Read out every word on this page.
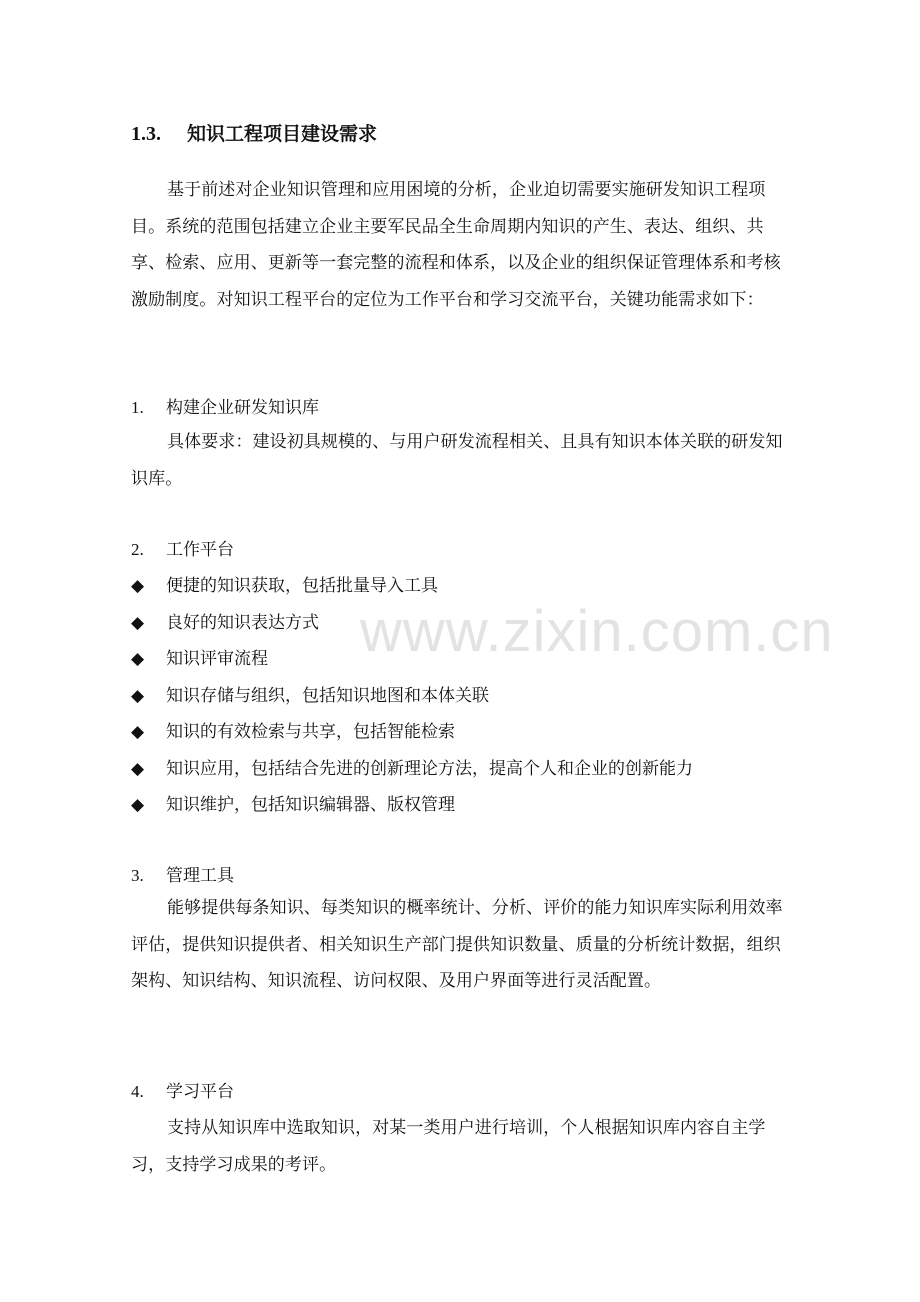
1.3. 知识工程项目建设需求

基于前述对企业知识管理和应用困境的分析，企业迫切需要实施研发知识工程项目。系统的范围包括建立企业主要军民品全生命周期内知识的产生、表达、组织、共享、检索、应用、更新等一套完整的流程和体系，以及企业的组织保证管理体系和考核激励制度。对知识工程平台的定位为工作平台和学习交流平台，关键功能需求如下：

1. 构建企业研发知识库

具体要求：建设初具规模的、与用户研发流程相关、且具有知识本体关联的研发知识库。

2. 工作平台
◆ 便捷的知识获取，包括批量导入工具
◆ 良好的知识表达方式
◆ 知识评审流程
◆ 知识存储与组织，包括知识地图和本体关联
◆ 知识的有效检索与共享，包括智能检索
◆ 知识应用，包括结合先进的创新理论方法，提高个人和企业的创新能力
◆ 知识维护，包括知识编辑器、版权管理
3. 管理工具

能够提供每条知识、每类知识的概率统计、分析、评价的能力知识库实际利用效率评估，提供知识提供者、相关知识生产部门提供知识数量、质量的分析统计数据，组织架构、知识结构、知识流程、访问权限、及用户界面等进行灵活配置。

4. 学习平台

支持从知识库中选取知识，对某一类用户进行培训，个人根据知识库内容自主学习，支持学习成果的考评。

www.zixin.com.cn
